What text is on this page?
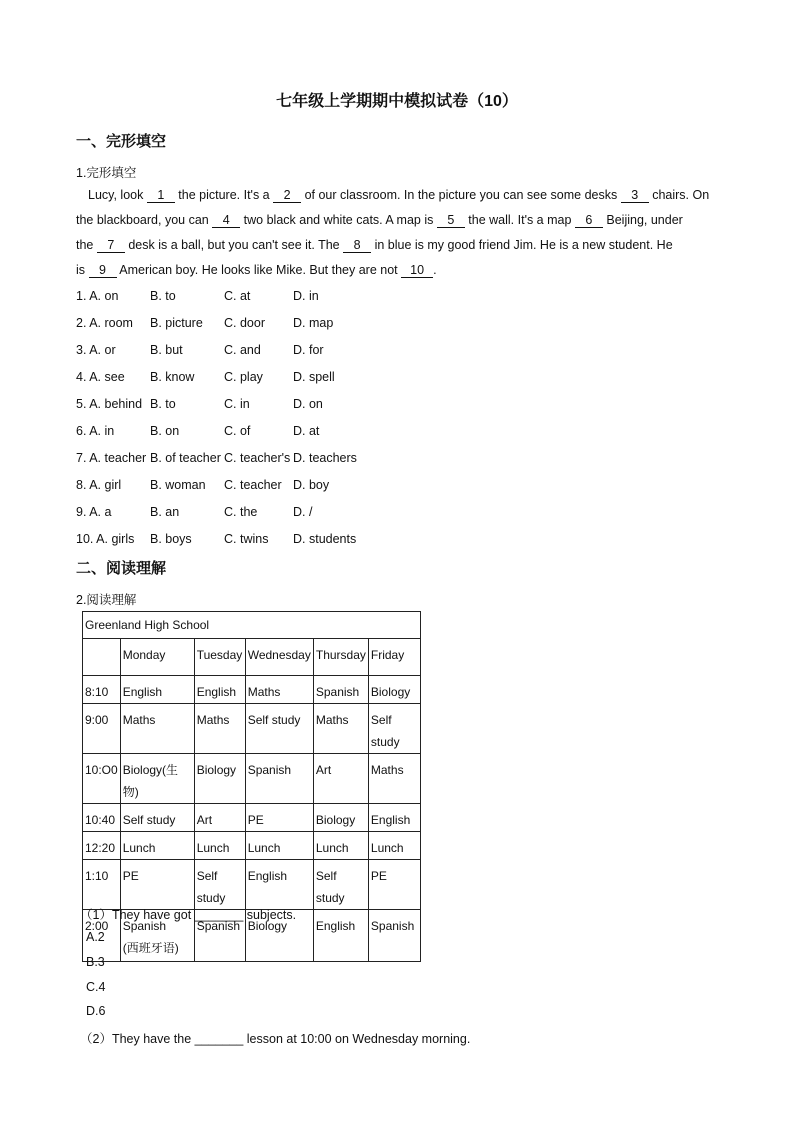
七年级上学期期中模拟试卷（10）
一、完形填空
1.完形填空
Lucy, look 1 the picture. It's a 2 of our classroom. In the picture you can see some desks 3 chairs. On
the blackboard, you can 4 two black and white cats. A map is 5 the wall. It's a map 6 Beijing, under
the 7 desk is a ball, but you can't see it. The 8 in blue is my good friend Jim. He is a new student. He
is 9 American boy. He looks like Mike. But they are not 10 .
1. A. on	B. to	C. at	D. in
2. A. room B. picture C. door D. map
3. A. or	B. but	C. and	D. for
4. A. see B. know C. play D. spell
5. A. behind B. to	C. in	D. on
6. A. in	B. on	C. of	D. at
7. A. teacher B. of teacher C. teacher's D. teachers
8. A. girl B. woman C. teacher D. boy
9. A. a	B. an	C. the	D. /
10. A. girls B. boys	C. twins D. students
二、阅读理解
2.阅读理解
Greenland High School					
	Monday	Tuesday	Wednesday	Thursday	Friday
8:10	English	English	Maths	Spanish	Biology
9:00	Maths	Maths	Self study	Maths	Self study
10:O0	Biology(生物)	Biology	Spanish	Art	Maths
10:40	Self study	Art	PE	Biology	English
12:20	Lunch	Lunch	Lunch	Lunch	Lunch
1:10	PE	Self study	English	Self study	PE
2:00	Spanish
(西班牙语)	Spanish	Biology	English	Spanish
（1）They have got _______ subjects.
A.2
B.3
C.4
D.6
（2）They have the _______ lesson at 10:00 on Wednesday morning.
